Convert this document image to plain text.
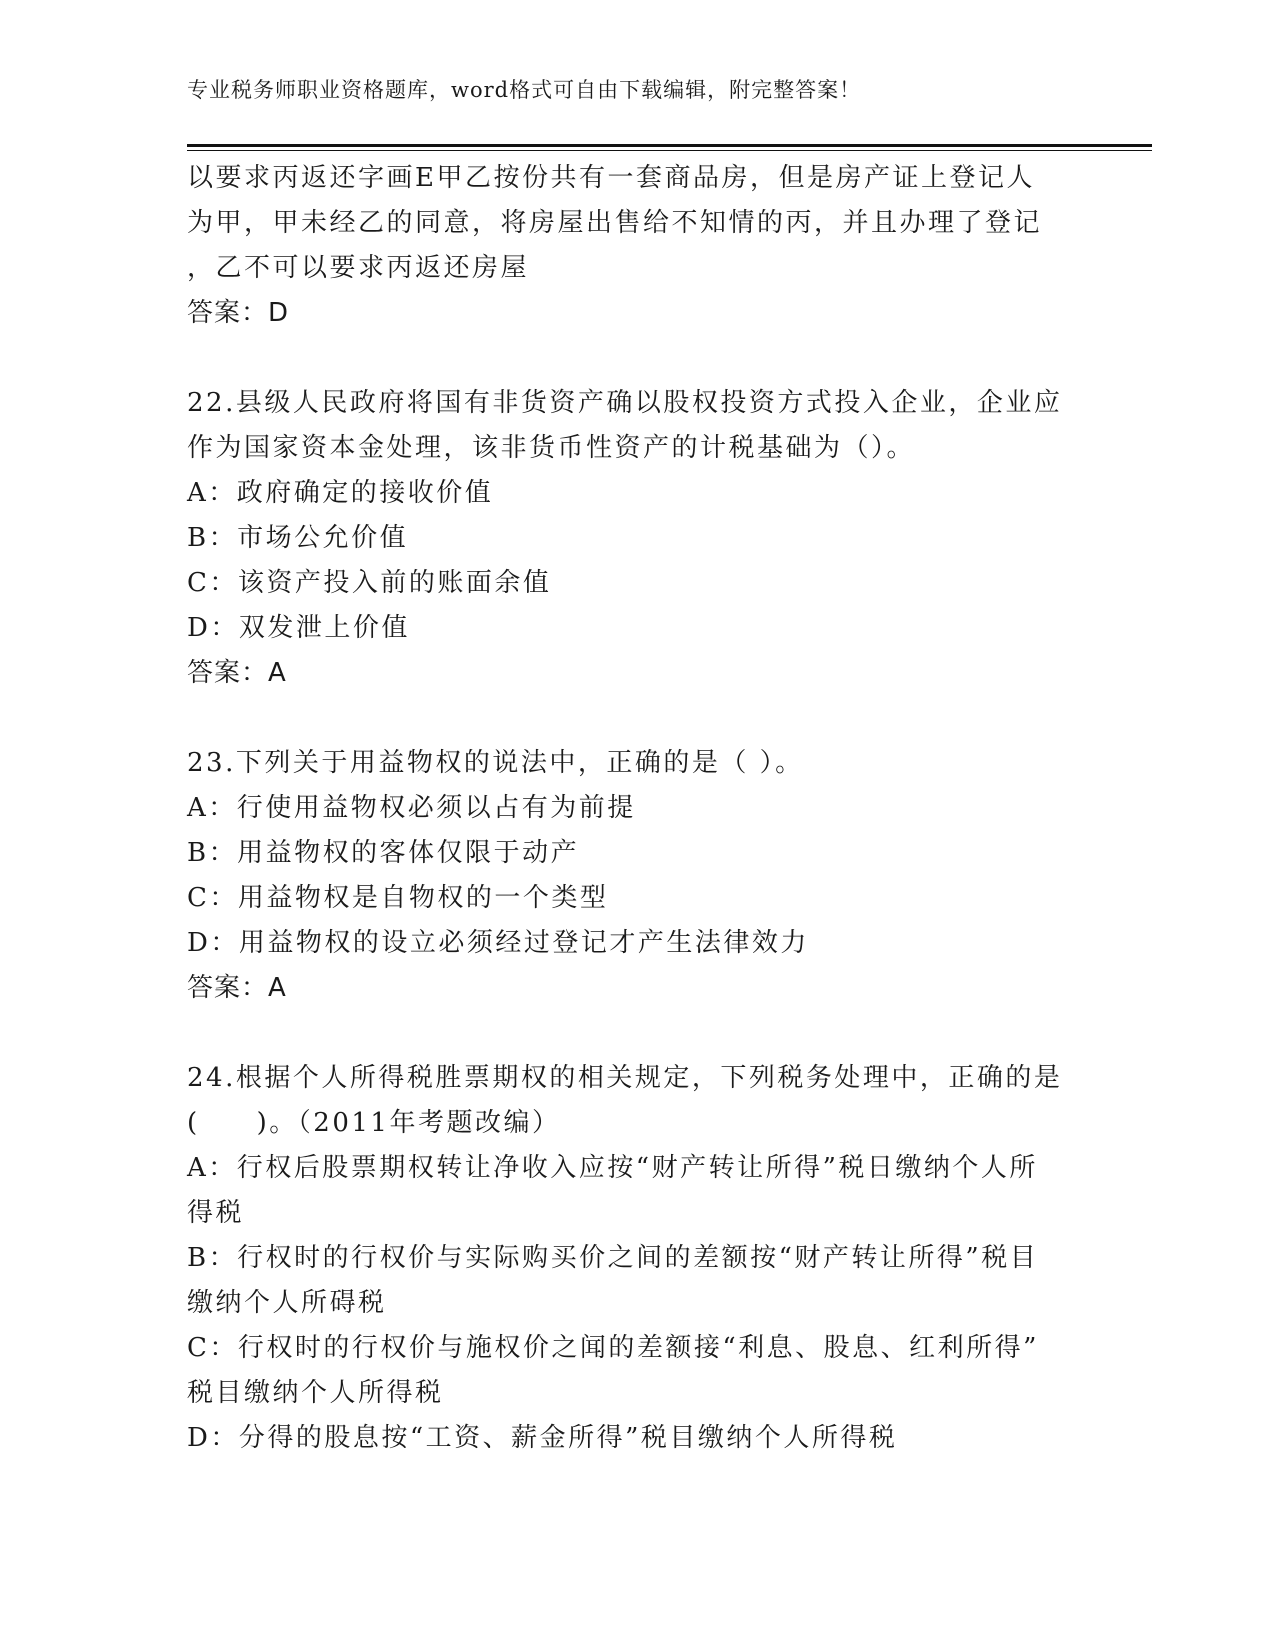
专业税务师职业资格题库，word格式可自由下载编辑，附完整答案！
以要求丙返还字画E甲乙按份共有一套商品房，但是房产证上登记人
为甲，甲未经乙的同意，将房屋出售给不知情的丙，并且办理了登记
，乙不可以要求丙返还房屋
答案：D
22.县级人民政府将国有非货资产确以股权投资方式投入企业，企业应
作为国家资本金处理，该非货币性资产的计税基础为（）。
A：政府确定的接收价值
B：市场公允价值
C：该资产投入前的账面余值
D：双发泄上价值
答案：A
23.下列关于用益物权的说法中，正确的是（ ）。
A：行使用益物权必须以占有为前提
B：用益物权的客体仅限于动产
C：用益物权是自物权的一个类型
D：用益物权的设立必须经过登记才产生法律效力
答案：A
24.根据个人所得税胜票期权的相关规定，下列税务处理中，正确的是
(　　)。（2011年考题改编）
A：行权后股票期权转让净收入应按“财产转让所得”税日缴纳个人所
得税
B：行权时的行权价与实际购买价之间的差额按“财产转让所得”税目
缴纳个人所碍税
C：行权时的行权价与施权价之闻的差额接“利息、股息、红利所得”
税目缴纳个人所得税
D：分得的股息按“工资、薪金所得”税目缴纳个人所得税
